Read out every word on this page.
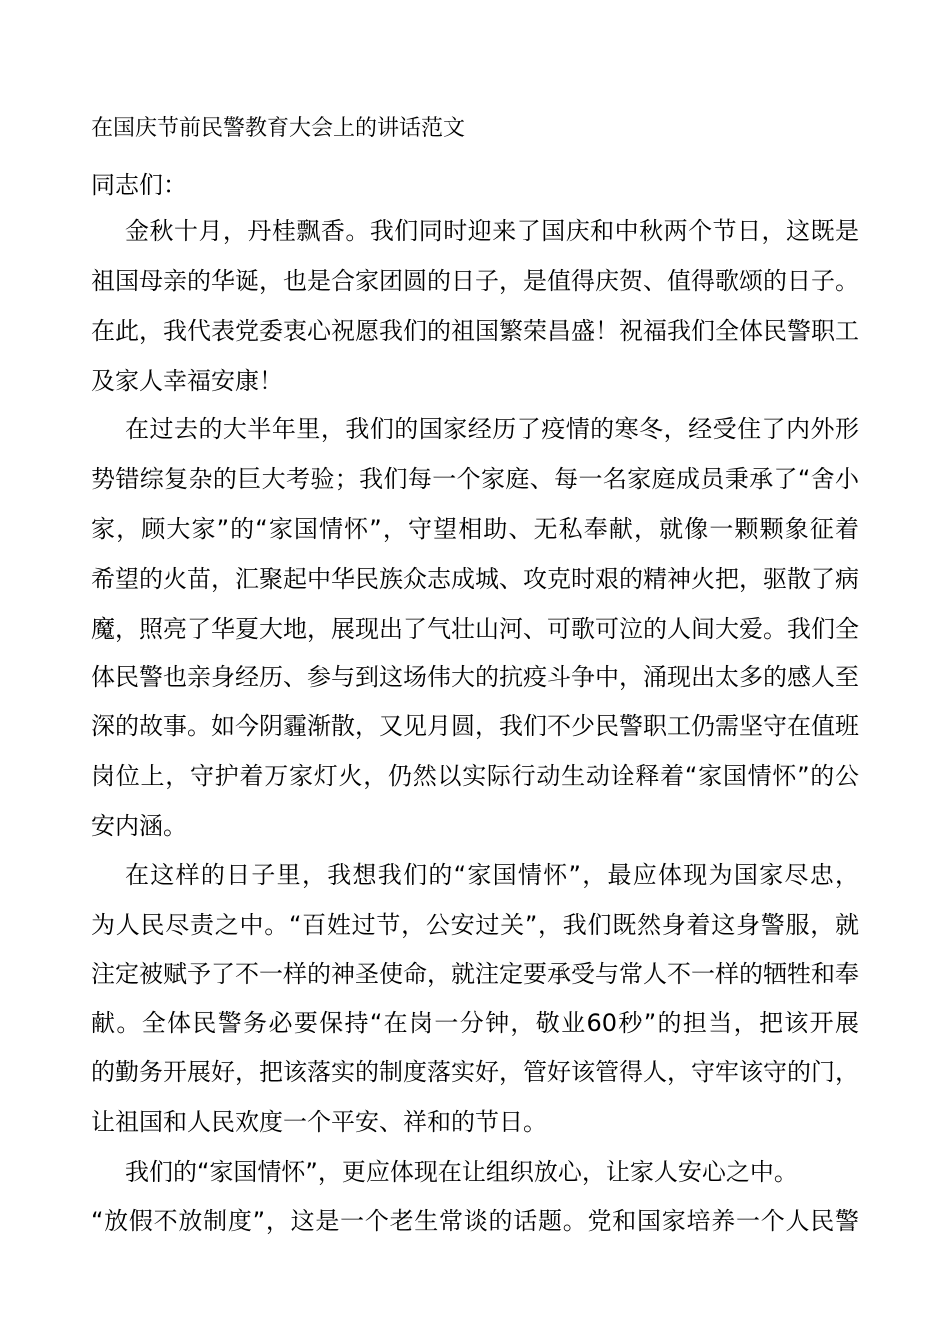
在国庆节前民警教育大会上的讲话范文
同志们：
金秋十月，丹桂飘香。我们同时迎来了国庆和中秋两个节日，这既是
祖国母亲的华诞，也是合家团圆的日子，是值得庆贺、值得歌颂的日子。
在此，我代表党委衷心祝愿我们的祖国繁荣昌盛！祝福我们全体民警职工
及家人幸福安康！
在过去的大半年里，我们的国家经历了疫情的寒冬，经受住了内外形
势错综复杂的巨大考验；我们每一个家庭、每一名家庭成员秉承了“舍小
家，顾大家”的“家国情怀”，守望相助、无私奉献，就像一颗颗象征着
希望的火苗，汇聚起中华民族众志成城、攻克时艰的精神火把，驱散了病
魔，照亮了华夏大地，展现出了气壮山河、可歌可泣的人间大爱。我们全
体民警也亲身经历、参与到这场伟大的抗疫斗争中，涌现出太多的感人至
深的故事。如今阴霾渐散，又见月圆，我们不少民警职工仍需坚守在值班
岗位上，守护着万家灯火，仍然以实际行动生动诠释着“家国情怀”的公
安内涵。
在这样的日子里，我想我们的“家国情怀”，最应体现为国家尽忠，
为人民尽责之中。“百姓过节，公安过关”，我们既然身着这身警服，就
注定被赋予了不一样的神圣使命，就注定要承受与常人不一样的牺牲和奉
献。全体民警务必要保持“在岗一分钟，敬业60秒”的担当，把该开展
的勤务开展好，把该落实的制度落实好，管好该管得人，守牢该守的门，
让祖国和人民欢度一个平安、祥和的节日。
我们的“家国情怀”，更应体现在让组织放心，让家人安心之中。
“放假不放制度”，这是一个老生常谈的话题。党和国家培养一个人民警
